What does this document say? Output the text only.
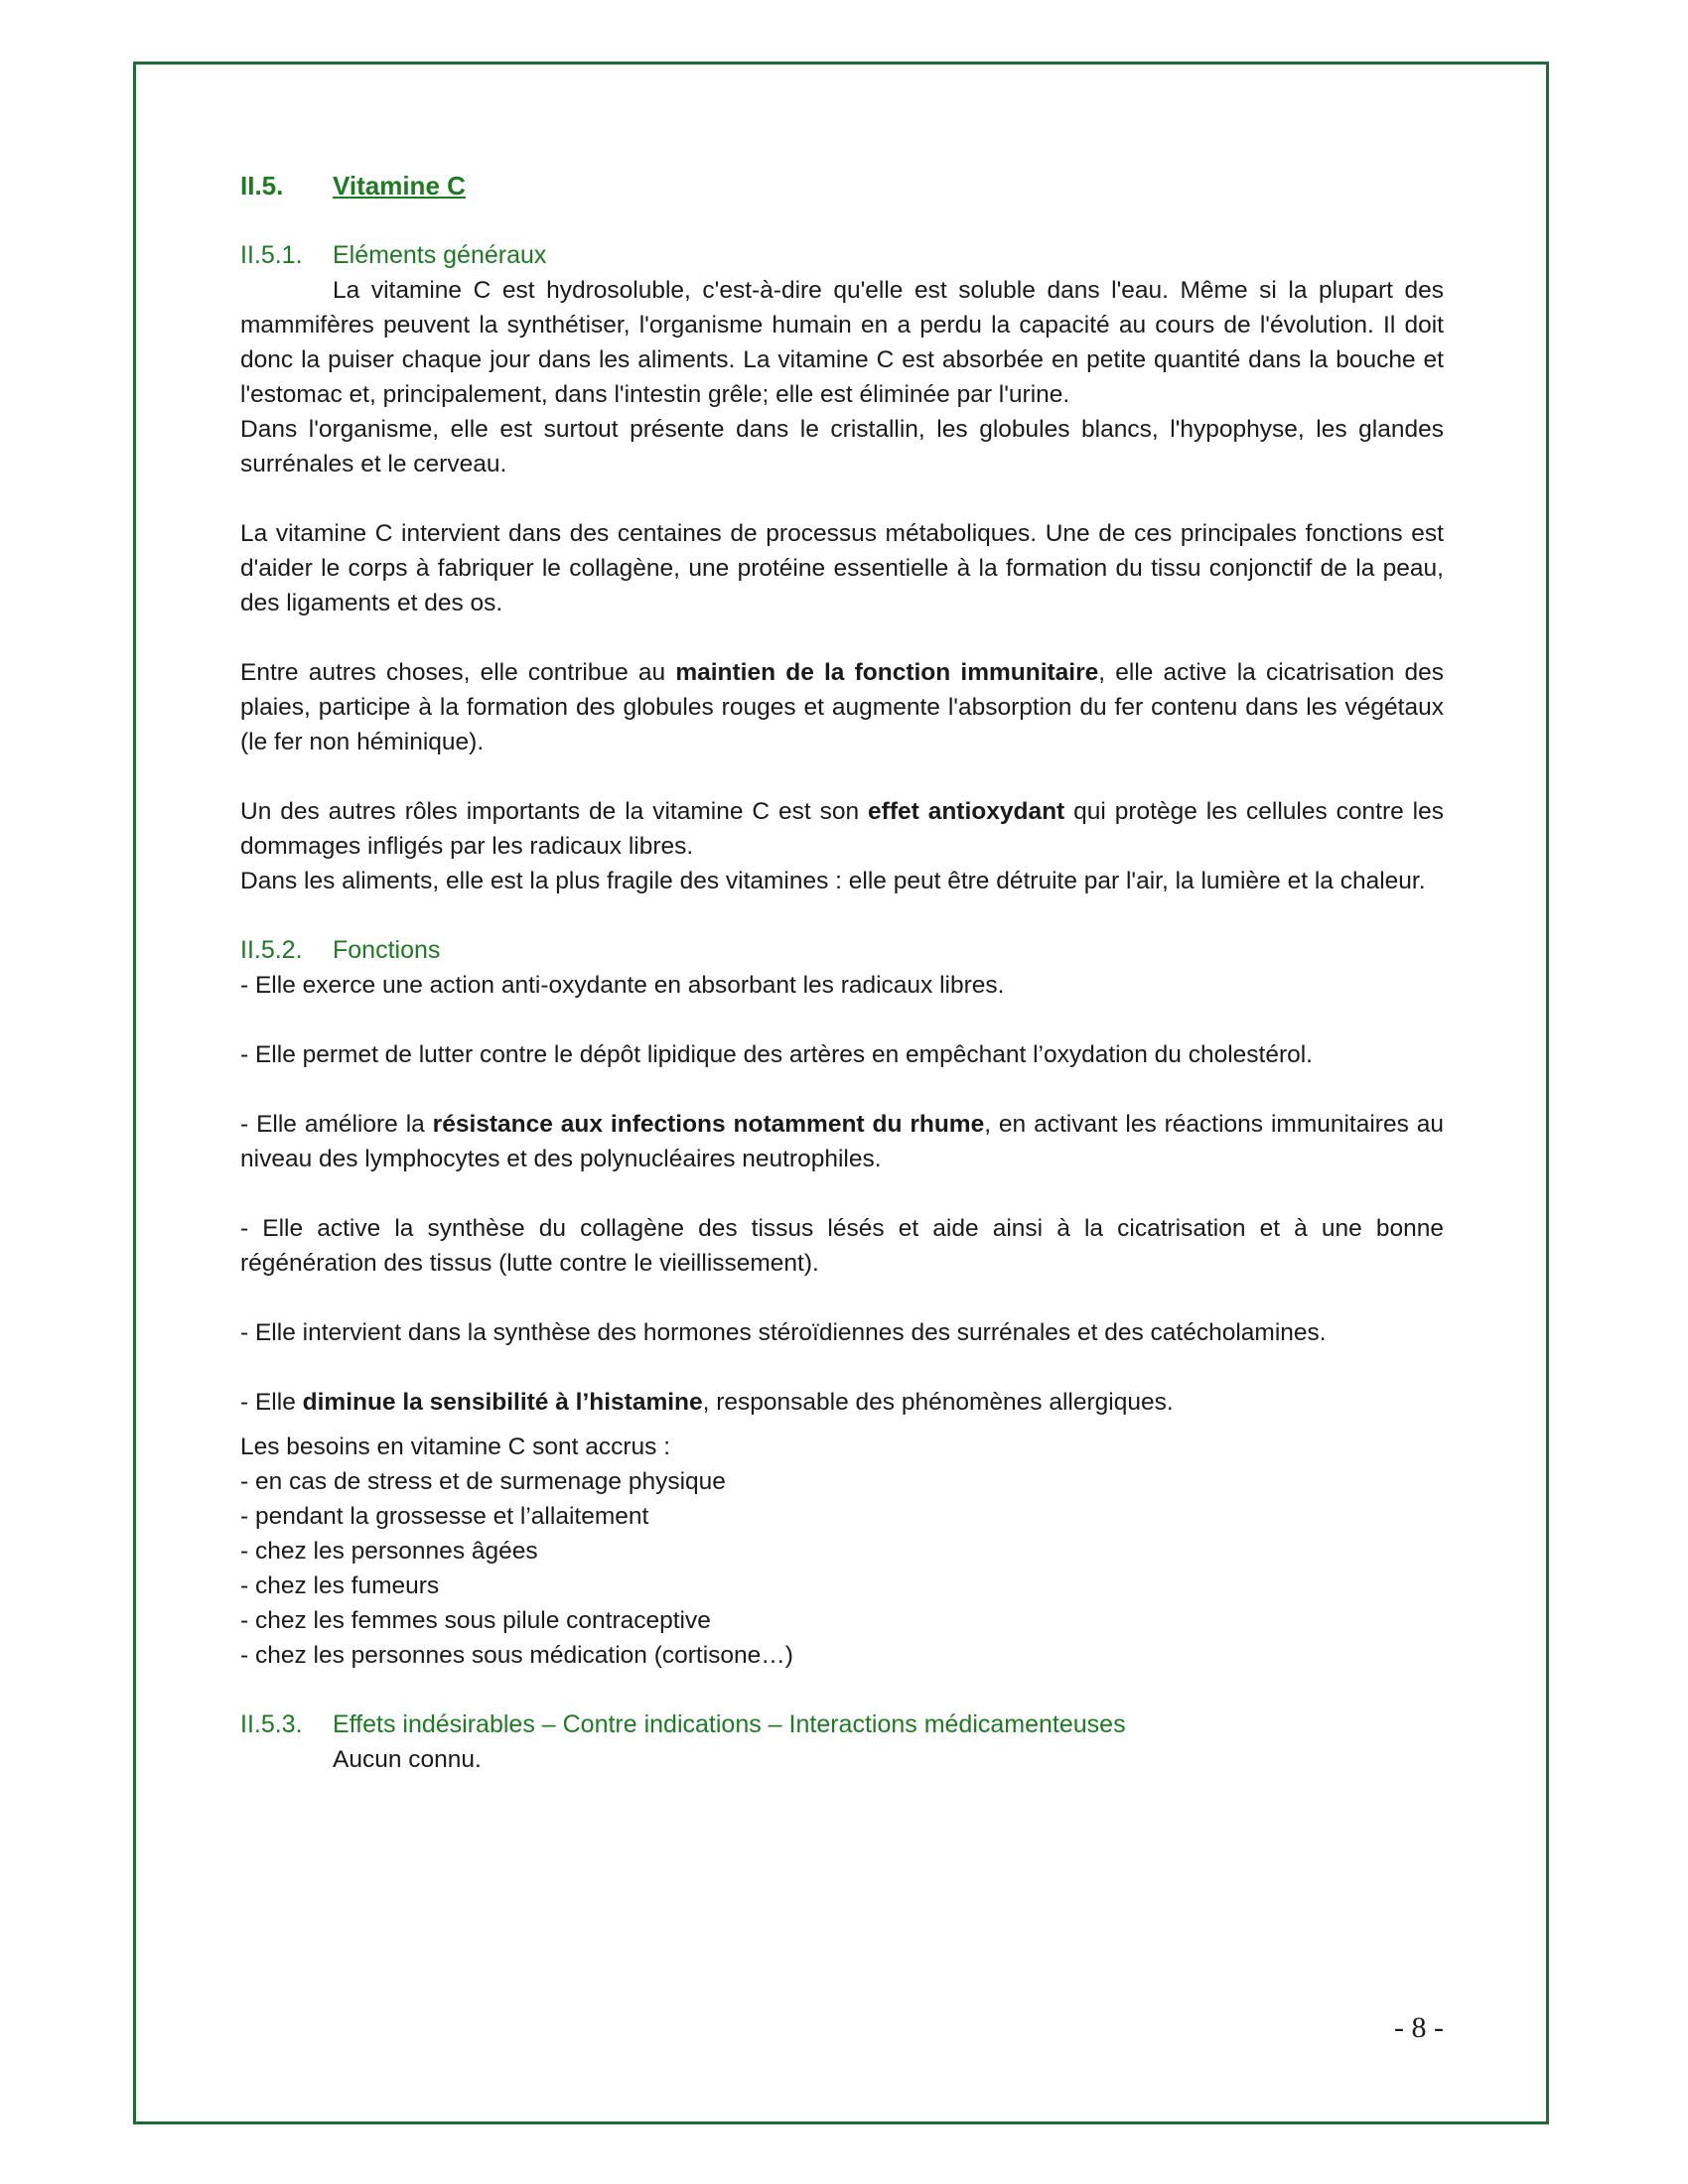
II.5. Vitamine C
II.5.1. Eléments généraux

La vitamine C est hydrosoluble, c'est-à-dire qu'elle est soluble dans l'eau. Même si la plupart des mammifères peuvent la synthétiser, l'organisme humain en a perdu la capacité au cours de l'évolution. Il doit donc la puiser chaque jour dans les aliments. La vitamine C est absorbée en petite quantité dans la bouche et l'estomac et, principalement, dans l'intestin grêle; elle est éliminée par l'urine.

Dans l'organisme, elle est surtout présente dans le cristallin, les globules blancs, l'hypophyse, les glandes surrénales et le cerveau.

La vitamine C intervient dans des centaines de processus métaboliques. Une de ces principales fonctions est d'aider le corps à fabriquer le collagène, une protéine essentielle à la formation du tissu conjonctif de la peau, des ligaments et des os.

Entre autres choses, elle contribue au maintien de la fonction immunitaire, elle active la cicatrisation des plaies, participe à la formation des globules rouges et augmente l'absorption du fer contenu dans les végétaux (le fer non héminique).

Un des autres rôles importants de la vitamine C est son effet antioxydant qui protège les cellules contre les dommages infligés par les radicaux libres.

Dans les aliments, elle est la plus fragile des vitamines : elle peut être détruite par l'air, la lumière et la chaleur.

II.5.2. Fonctions

- Elle exerce une action anti-oxydante en absorbant les radicaux libres.

- Elle permet de lutter contre le dépôt lipidique des artères en empêchant l’oxydation du cholestérol.

- Elle améliore la résistance aux infections notamment du rhume, en activant les réactions immunitaires au niveau des lymphocytes et des polynucléaires neutrophiles.

- Elle active la synthèse du collagène des tissus lésés et aide ainsi à la cicatrisation et à une bonne régénération des tissus (lutte contre le vieillissement).

- Elle intervient dans la synthèse des hormones stéroïdiennes des surrénales et des catécholamines.

- Elle diminue la sensibilité à l’histamine, responsable des phénomènes allergiques.

Les besoins en vitamine C sont accrus :

- en cas de stress et de surmenage physique

- pendant la grossesse et l’allaitement

- chez les personnes âgées

- chez les fumeurs

- chez les femmes sous pilule contraceptive

- chez les personnes sous médication (cortisone…)

II.5.3. Effets indésirables – Contre indications – Interactions médicamenteuses

Aucun connu.

- 8 -
